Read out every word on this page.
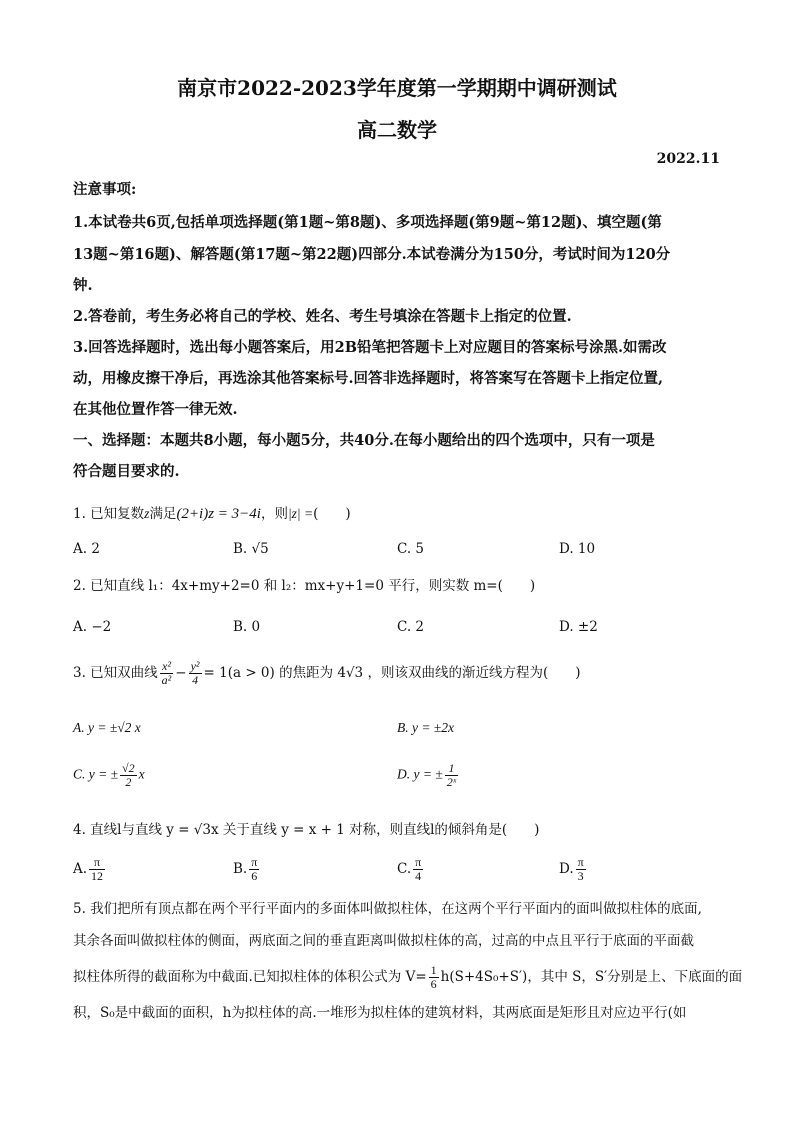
南京市2022-2023学年度第一学期期中调研测试
高二数学
2022.11
注意事项:
1.本试卷共6页,包括单项选择题(第1题~第8题)、多项选择题(第9题~第12题)、填空题(第
13题~第16题)、解答题(第17题~第22题)四部分.本试卷满分为150分，考试时间为120分
钟.
2.答卷前，考生务必将自己的学校、姓名、考生号填涂在答题卡上指定的位置.
3.回答选择题时，选出每小题答案后，用2B铅笔把答题卡上对应题目的答案标号涂黑.如需改
动，用橡皮擦干净后，再选涂其他答案标号.回答非选择题时，将答案写在答题卡上指定位置,
在其他位置作答一律无效.
一、选择题：本题共8小题，每小题5分，共40分.在每小题给出的四个选项中，只有一项是
符合题目要求的.
1. 已知复数z满足(2+i)z = 3−4i，则|z| =(　　)
A. 2	B. √5	C. 5	D. 10
2. 已知直线 l₁：4x+my+2=0 和 l₂：mx+y+1=0 平行，则实数 m=(　　)
A. −2	B. 0	C. 2	D. ±2
3. 已知双曲线 $\frac{\text{x²}}{\text{a²}} - \frac{\text{y²}}{4} = 1(a > 0)$ 的焦距为 4√3 ，则该双曲线的渐近线方程为(　　)
A. y = ±√2 x	B. y = ±2x
C. y = ± $\frac{√2}{2}$ x	D. y = ± $\frac{1}{\text{2ˣ}}$
4. 直线l与直线 y = √3x 关于直线 y = x + 1 对称，则直线l的倾斜角是(　　)
A. $\frac{\pi}{12}$	B. $\frac{\pi}{6}$	C. $\frac{\pi}{4}$	D. $\frac{\pi}{3}$
5. 我们把所有顶点都在两个平行平面内的多面体叫做拟柱体，在这两个平行平面内的面叫做拟柱体的底面,
其余各面叫做拟柱体的侧面，两底面之间的垂直距离叫做拟柱体的高，过高的中点且平行于底面的平面截
拟柱体所得的截面称为中截面.已知拟柱体的体积公式为 $V= \frac{1}{6} h(S+4S_0+S')$，其中 S，S′分别是上、下底面的面
积，S₀是中截面的面积，h为拟柱体的高.一堆形为拟柱体的建筑材料，其两底面是矩形且对应边平行(如
